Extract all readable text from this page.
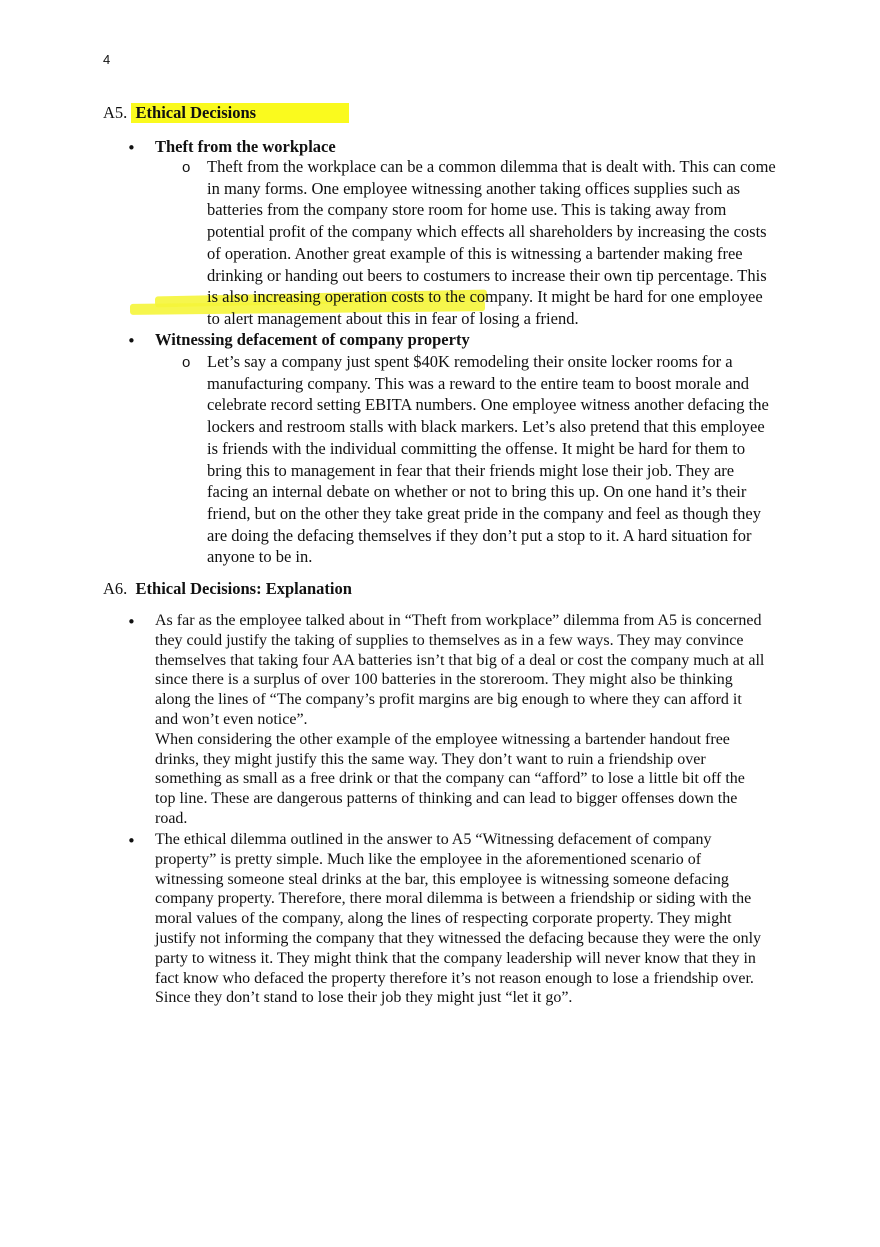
4
A5. Ethical Decisions
• Theft from the workplace
o Theft from the workplace can be a common dilemma that is dealt with. This can come in many forms. One employee witnessing another taking offices supplies such as batteries from the company store room for home use. This is taking away from potential profit of the company which effects all shareholders by increasing the costs of operation. Another great example of this is witnessing a bartender making free drinking or handing out beers to costumers to increase their own tip percentage. This is also increasing operation costs to the company. It might be hard for one employee to alert management about this in fear of losing a friend.

• Witnessing defacement of company property
o Let’s say a company just spent $40K remodeling their onsite locker rooms for a manufacturing company. This was a reward to the entire team to boost morale and celebrate record setting EBITA numbers. One employee witness another defacing the lockers and restroom stalls with black markers. Let’s also pretend that this employee is friends with the individual committing the offense. It might be hard for them to bring this to management in fear that their friends might lose their job. They are facing an internal debate on whether or not to bring this up. On one hand it’s their friend, but on the other they take great pride in the company and feel as though they are doing the defacing themselves if they don’t put a stop to it. A hard situation for anyone to be in.

A6. Ethical Decisions: Explanation
• As far as the employee talked about in “Theft from workplace” dilemma from A5 is concerned they could justify the taking of supplies to themselves as in a few ways. They may convince themselves that taking four AA batteries isn’t that big of a deal or cost the company much at all since there is a surplus of over 100 batteries in the storeroom. They might also be thinking along the lines of “The company’s profit margins are big enough to where they can afford it and won’t even notice”.

When considering the other example of the employee witnessing a bartender handout free drinks, they might justify this the same way. They don’t want to ruin a friendship over something as small as a free drink or that the company can “afford” to lose a little bit off the top line. These are dangerous patterns of thinking and can lead to bigger offenses down the road.

• The ethical dilemma outlined in the answer to A5 “Witnessing defacement of company property” is pretty simple. Much like the employee in the aforementioned scenario of witnessing someone steal drinks at the bar, this employee is witnessing someone defacing company property. Therefore, there moral dilemma is between a friendship or siding with the moral values of the company, along the lines of respecting corporate property. They might justify not informing the company that they witnessed the defacing because they were the only party to witness it. They might think that the company leadership will never know that they in fact know who defaced the property therefore it’s not reason enough to lose a friendship over. Since they don’t stand to lose their job they might just “let it go”.
